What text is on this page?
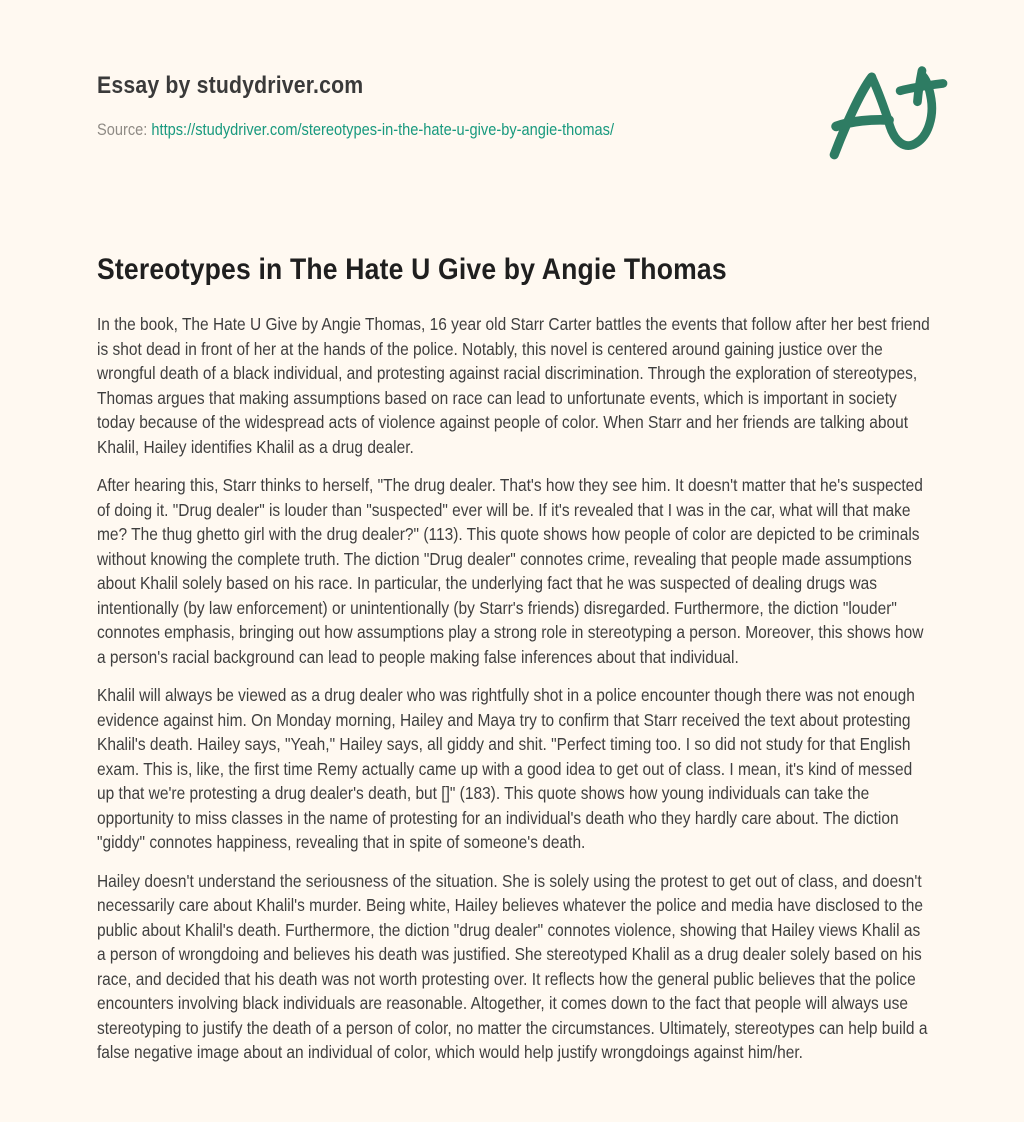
Essay by studydriver.com
Source: https://studydriver.com/stereotypes-in-the-hate-u-give-by-angie-thomas/
Stereotypes in The Hate U Give by Angie Thomas

In the book, The Hate U Give by Angie Thomas, 16 year old Starr Carter battles the events that follow after her best friend is shot dead in front of her at the hands of the police. Notably, this novel is centered around gaining justice over the wrongful death of a black individual, and protesting against racial discrimination. Through the exploration of stereotypes, Thomas argues that making assumptions based on race can lead to unfortunate events, which is important in society today because of the widespread acts of violence against people of color. When Starr and her friends are talking about Khalil, Hailey identifies Khalil as a drug dealer.

After hearing this, Starr thinks to herself, "The drug dealer. That's how they see him. It doesn't matter that he's suspected of doing it. "Drug dealer" is louder than "suspected" ever will be. If it's revealed that I was in the car, what will that make me? The thug ghetto girl with the drug dealer?" (113). This quote shows how people of color are depicted to be criminals without knowing the complete truth. The diction "Drug dealer" connotes crime, revealing that people made assumptions about Khalil solely based on his race. In particular, the underlying fact that he was suspected of dealing drugs was intentionally (by law enforcement) or unintentionally (by Starr's friends) disregarded. Furthermore, the diction "louder" connotes emphasis, bringing out how assumptions play a strong role in stereotyping a person. Moreover, this shows how a person's racial background can lead to people making false inferences about that individual.

Khalil will always be viewed as a drug dealer who was rightfully shot in a police encounter though there was not enough evidence against him. On Monday morning, Hailey and Maya try to confirm that Starr received the text about protesting Khalil's death. Hailey says, "Yeah," Hailey says, all giddy and shit. "Perfect timing too. I so did not study for that English exam. This is, like, the first time Remy actually came up with a good idea to get out of class. I mean, it's kind of messed up that we're protesting a drug dealer's death, but []" (183). This quote shows how young individuals can take the opportunity to miss classes in the name of protesting for an individual's death who they hardly care about. The diction "giddy" connotes happiness, revealing that in spite of someone's death.

Hailey doesn't understand the seriousness of the situation. She is solely using the protest to get out of class, and doesn't necessarily care about Khalil's murder. Being white, Hailey believes whatever the police and media have disclosed to the public about Khalil's death. Furthermore, the diction "drug dealer" connotes violence, showing that Hailey views Khalil as a person of wrongdoing and believes his death was justified. She stereotyped Khalil as a drug dealer solely based on his race, and decided that his death was not worth protesting over. It reflects how the general public believes that the police encounters involving black individuals are reasonable. Altogether, it comes down to the fact that people will always use stereotyping to justify the death of a person of color, no matter the circumstances. Ultimately, stereotypes can help build a false negative image about an individual of color, which would help justify wrongdoings against him/her.
